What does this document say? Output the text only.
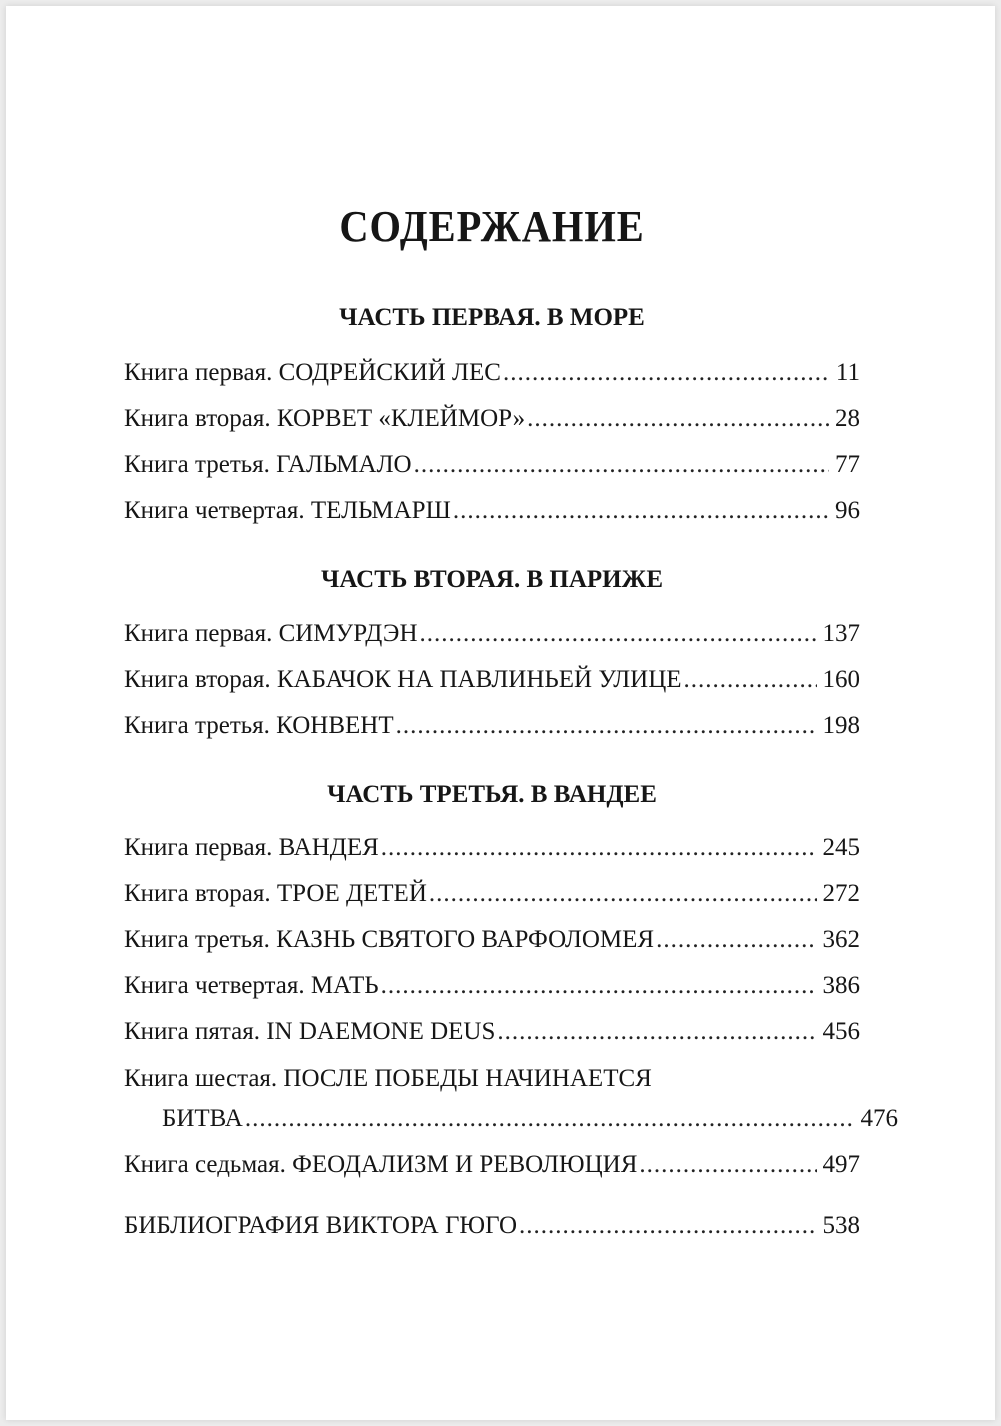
СОДЕРЖАНИЕ
ЧАСТЬ ПЕРВАЯ. В МОРЕ
Книга первая. СОДРЕЙСКИЙ ЛЕС .....	11
Книга вторая. КОРВЕТ «КЛЕЙМОР» .....	28
Книга третья. ГАЛЬМАЛО .....	77
Книга четвертая. ТЕЛЬМАРШ .....	96
ЧАСТЬ ВТОРАЯ. В ПАРИЖЕ
Книга первая. СИМУРДЭН .....	137
Книга вторая. КАБАЧОК НА ПАВЛИНЬЕЙ УЛИЦЕ .....	160
Книга третья. КОНВЕНТ .....	198
ЧАСТЬ ТРЕТЬЯ. В ВАНДЕЕ
Книга первая. ВАНДЕЯ .....	245
Книга вторая. ТРОЕ ДЕТЕЙ .....	272
Книга третья. КАЗНЬ СВЯТОГО ВАРФОЛОМЕЯ .....	362
Книга четвертая. МАТЬ .....	386
Книга пятая. IN DAEMONE DEUS .....	456
Книга шестая. ПОСЛЕ ПОБЕДЫ НАЧИНАЕТСЯ
БИТВА .....	476
Книга седьмая. ФЕОДАЛИЗМ И РЕВОЛЮЦИЯ .....	497
БИБЛИОГРАФИЯ ВИКТОРА ГЮГО .....	538
